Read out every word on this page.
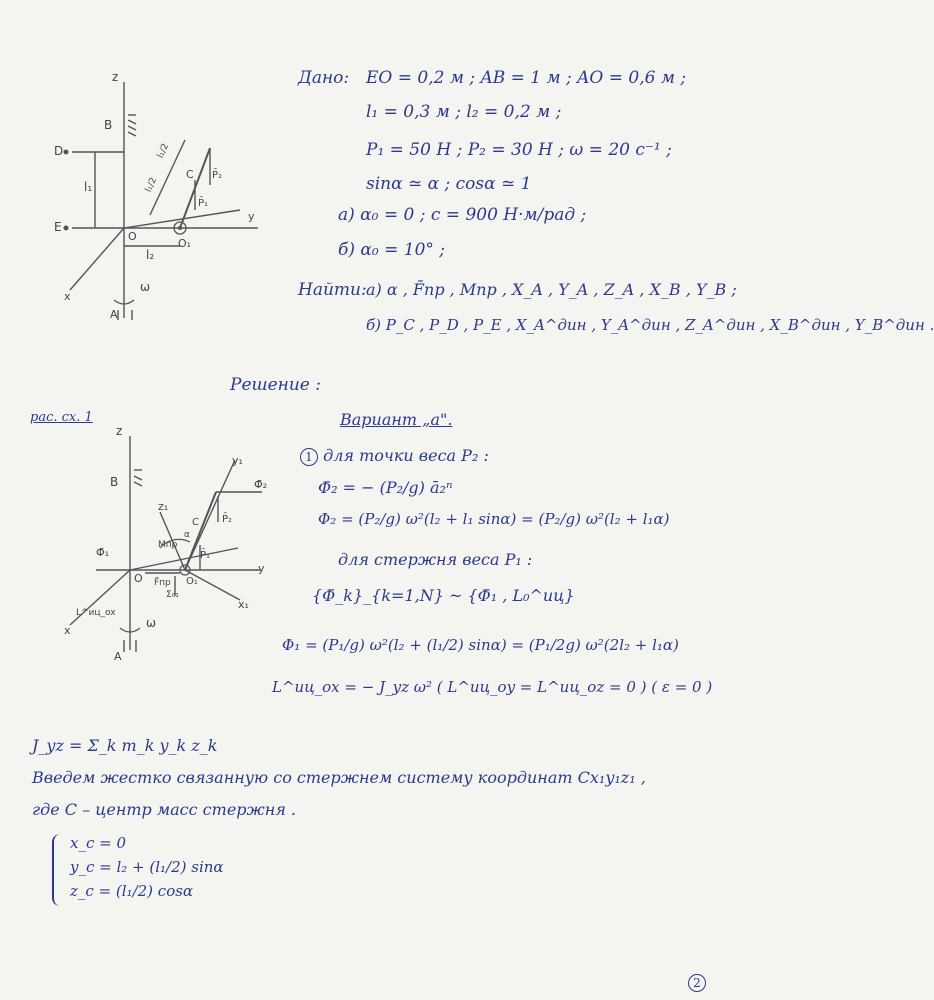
z
B
D
E
l₁
O
O₁
l₂
x
y
A
ω
C
P̄₁
P̄₂
l₁/2
l₁/2
Дано: EO = 0,2 м ; AB = 1 м ; AO = 0,6 м ;
l₁ = 0,3 м ; l₂ = 0,2 м ;
P₁ = 50 H ; P₂ = 30 H ; ω = 20 c⁻¹ ;
sinα ≃ α ; cosα ≃ 1
а) α₀ = 0 ; c = 900 H·м/рад ;
б) α₀ = 10° ;
Найти: а) α , F̄пр , Mпр , X_A , Y_A , Z_A , X_B , Y_B ;
б) P_C , P_D , P_E , X_A^дин , Y_A^дин , Z_A^дин , X_B^дин , Y_B^дин .
Решение :
рас. сх. 1
z
B
y₁
Φ̄₂
z₁
P̄₂
C
Mпр
α
Φ̄₁	P̄₁
O	O₁
y
F̄пр
Σ̄₀₁
x₁
x
L^иц_ox
ω
A
Вариант „а".
1 для точки веса P₂ :
Φ̄₂ = − (P₂/g) ā₂ⁿ
Φ₂ = (P₂/g) ω²(l₂ + l₁ sinα) = (P₂/g) ω²(l₂ + l₁α)
для стержня веса P₁ :
{Φ̄_k}_{k=1,N} ~ {Φ̄₁ , L₀^иц}
Φ₁ = (P₁/g) ω²(l₂ + (l₁/2) sinα) = (P₁/2g) ω²(2l₂ + l₁α)
L^иц_ox = − J_yz ω² ( L^иц_oy = L^иц_oz = 0 ) ( ε = 0 )
J_yz = Σ_k m_k y_k z_k
Введем жестко связанную со стержнем систему координат Cx₁y₁z₁ ,
где C – центр масс стержня .
x_c = 0
y_c = l₂ + (l₁/2) sinα
z_c = (l₁/2) cosα
2
